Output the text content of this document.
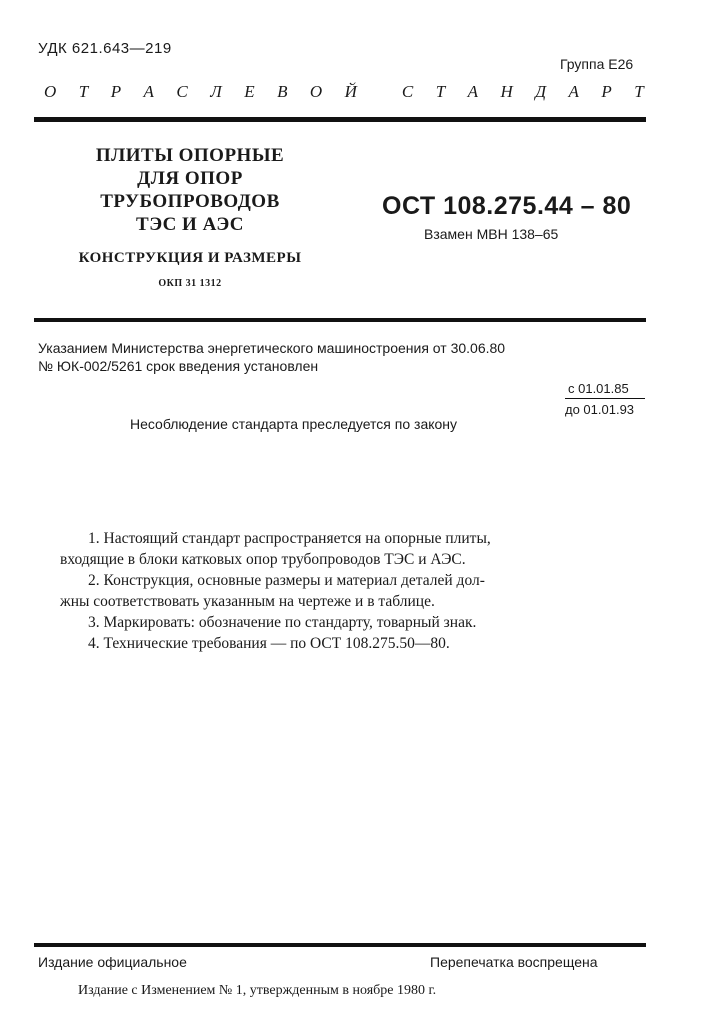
УДК 621.643—219
Группа Е26
О Т Р А С Л Е В О Й	С Т А Н Д А Р Т
ПЛИТЫ ОПОРНЫЕ
ДЛЯ ОПОР
ТРУБОПРОВОДОВ
ТЭС И АЭС
КОНСТРУКЦИЯ И РАЗМЕРЫ
ОКП 31 1312
ОСТ 108.275.44 – 80
Взамен МВН 138–65
Указанием Министерства энергетического машиностроения от 30.06.80
№ ЮК-002/5261 срок введения установлен
с 01.01.85
до 01.01.93
Несоблюдение стандарта преследуется по закону
1. Настоящий стандарт распространяется на опорные плиты,
входящие в блоки катковых опор трубопроводов ТЭС и АЭС.
2. Конструкция, основные размеры и материал деталей дол-
жны соответствовать указанным на чертеже и в таблице.
3. Маркировать: обозначение по стандарту, товарный знак.
4. Технические требования — по ОСТ 108.275.50—80.
Издание официальное	Перепечатка воспрещена
Издание с Изменением № 1, утвержденным в ноябре 1980 г.
